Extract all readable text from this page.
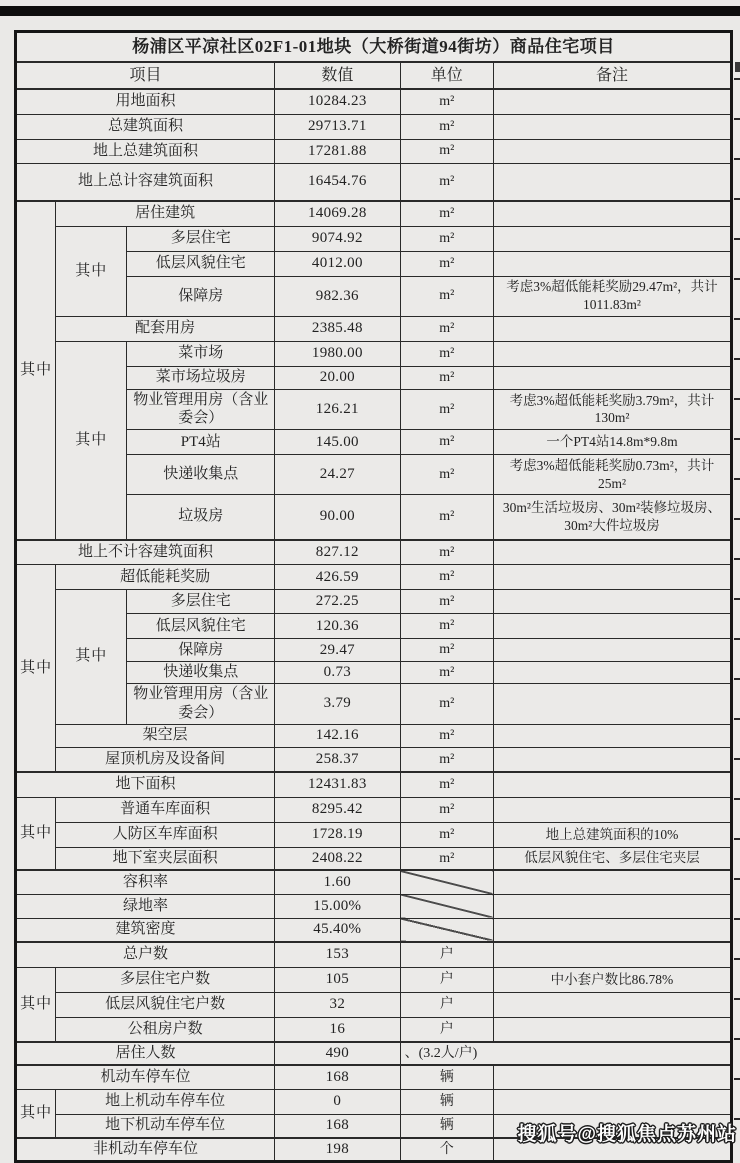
杨浦区平凉社区02F1-01地块（大桥街道94街坊）商品住宅项目					
项目			数值	单位	备注
用地面积			10284.23	m²	
总建筑面积			29713.71	m²	
地上总建筑面积			17281.88	m²	
地上总计容建筑面积			16454.76	m²	
其中	居住建筑		14069.28	m²	
	其中	多层住宅	9074.92	m²	
		低层风貌住宅	4012.00	m²	
		保障房	982.36	m²	考虑3%超低能耗奖励29.47m²，共计1011.83m²
	配套用房		2385.48	m²	
	其中	菜市场	1980.00	m²	
		菜市场垃圾房	20.00	m²	
		物业管理用房（含业委会）	126.21	m²	考虑3%超低能耗奖励3.79m²，共计130m²
		PT4站	145.00	m²	一个PT4站14.8m*9.8m
		快递收集点	24.27	m²	考虑3%超低能耗奖励0.73m²，共计25m²
		垃圾房	90.00	m²	30m²生活垃圾房、30m²装修垃圾房、30m²大件垃圾房
地上不计容建筑面积			827.12	m²	
其中	超低能耗奖励		426.59	m²	
	其中	多层住宅	272.25	m²	
		低层风貌住宅	120.36	m²	
		保障房	29.47	m²	
		快递收集点	0.73	m²	
		物业管理用房（含业委会）	3.79	m²	
	架空层		142.16	m²	
	屋顶机房及设备间		258.37	m²	
地下面积			12431.83	m²	
其中	普通车库面积		8295.42	m²	
	人防区车库面积		1728.19	m²	地上总建筑面积的10%
	地下室夹层面积		2408.22	m²	低层风貌住宅、多层住宅夹层
容积率			1.60		
绿地率			15.00%		
建筑密度			45.40%		
总户数			153	户	
其中	多层住宅户数		105	户	中小套户数比86.78%
	低层风貌住宅户数		32	户	
	公租房户数		16	户	
居住人数			490	、(3.2人/户)	
机动车停车位			168	辆	
其中	地上机动车停车位		0	辆	
	地下机动车停车位		168	辆	
非机动车停车位			198	个	
搜狐号@搜狐焦点苏州站
